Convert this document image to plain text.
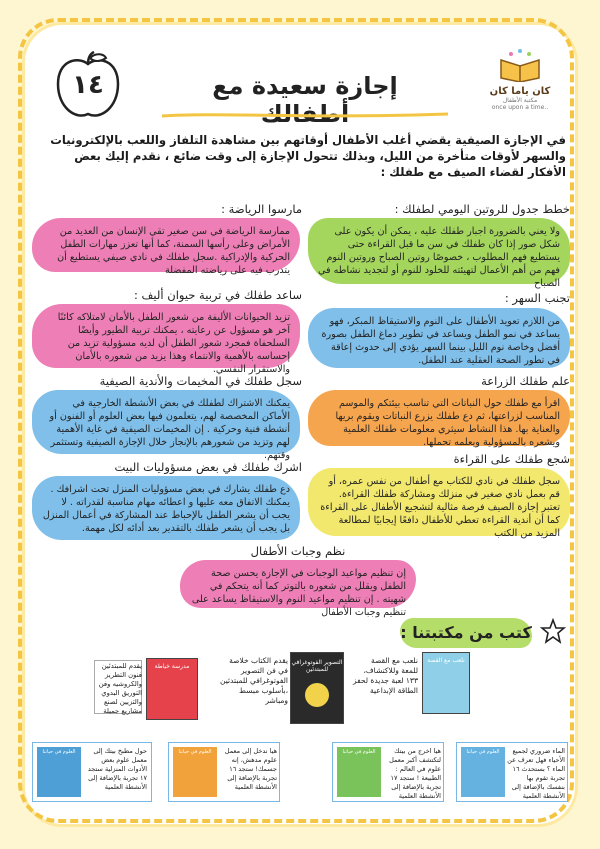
١٤	كان ياما كان
مكتبة الأطفال
once upon a time..
إجازة سعيدة مع أطفالك
في الإجازة الصيفية يقضي أغلب الأطفال أوقاتهم بين مشاهدة التلفاز واللعب بالإلكترونيات والسهر لأوقات متأخرة من الليل، وبذلك تتحول الإجازة إلى وقت ضائع ، نقدم إليك بعض الأفكار لقضاء الصيف مع طفلك :
خطط جدول للروتين اليومي لطفلك :
ولا يعني بالضرورة اجبار طفلك عليه ، يمكن أن يكون على شكل صور إذا كان طفلك في سن ما قبل القراءة حتى يستطيع فهم المطلوب ، خصوصًا روتين الصباح وروتين النوم فهم من أهم الأعمال لتهيئته للخلود للنوم أو لتجديد نشاطه في الصباح
تجنب السهر :
من اللازم تعويد الأطفال على النوم والاستيقاظ المبكر، فهو يساعد في نمو الطفل ويساعد في تطوير دماغ الطفل بصورة أفضل وخاصة نوم الليل بينما السهر يؤدي إلى حدوث إعاقة في تطور الصحة العقلية عند الطفل.
علم طفلك الزراعة
اقرأ مع طفلك حول النباتات التي تناسب بيئتكم والموسم المناسب لزراعتها، ثم دع طفلك يزرع النباتات ويقوم بريها والعناية بها. هذا النشاط سيثري معلومات طفلك العلمية ويشعره بالمسؤولية ويعلمه تحملها.
شجع طفلك على القراءة
سجل طفلك في نادي للكتاب مع أطفال من نفس عمره، أو قم بعمل نادي صغير في منزلك ومشاركة طفلك القراءة. تعتبر إجازة الصيف فرصة مثالية لتشجيع الأطفال على القراءة كما أن أندية القراءة تعطي للأطفال دافعًا إيجابيًا لمطالعة المزيد من الكتب
مارسوا الرياضة :
ممارسة الرياضة في سن صغير تقي الإنسان من العديد من الأمراض وعلى رأسها السمنة، كما أنها تعزز مهارات الطفل الحركية والإدراكية .سجل طفلك في نادي صيفي يستطيع أن يتدرب فيه على رياضته المفضلة
ساعد طفلك في تربية حيوان أليف :
تزيد الحيوانات الأليفة من شعور الطفل بالأمان لامتلاكه كائنًا آخر هو مسؤول عن رعايته ، يمكنك تربية الطيور وأيضًا السلحفاة فمجرد شعور الطفل أن لديه مسؤولية تزيد من إحساسه بالأهمية والانتماء وهذا يزيد من شعوره بالأمان والاستقرار النفسي.
سجل طفلك في المخيمات والأندية الصيفية
يمكنك الاشتراك لطفلك في بعض الأنشطة الخارجية في الأماكن المخصصة لهم، يتعلمون فيها بعض العلوم أو الفنون أو أنشطة فنية وحركية . إن المخيمات الصيفية في غاية الأهمية لهم وتزيد من شعورهم بالإنجاز خلال الإجازة الصيفية وتستثمر وقتهم.
اشرك طفلك في بعض مسؤوليات البيت
دع طفلك يشارك في بعض مسؤوليات المنزل تحت اشرافك . يمكنك الاتفاق معه عليها و اعطائه مهام مناسبة لقدراته . لا يجب أن يشعر الطفل بالإحباط عند المشاركة في أعمال المنزل بل يجب أن يشعر طفلك بالتقدير بعد أدائه لكل مهمة.
نظم وجبات الأطفال
إن تنظيم مواعيد الوجبات في الإجازة يحسن صحة الطفل ويقلل من شعوره بالتوتر كما أنه يتحكم في شهيته . إن تنظيم مواعيد النوم والاستيقاظ يساعد على تنظيم وجبات الأطفال
كتب من مكتبتنا :
نلعب مع القصة
نلعب مع القصة للمعة وللاكتشاف، ١٣٣ لعبة جديدة لحفز الطاقة الإبداعية
التصوير الفوتوغرافي للمبتدئين
يقدم الكتاب خلاصة في فن التصوير الفوتوغرافي للمبتدئين ،بأسلوب مبسط ومباشر
مدرسة خياطة
العلوم في حياتنا	الماء ضروري لجميع الأحياء فهل تعرف عن الماء ؟ بستحدث ١٦ تجربة تقوم بها بنفسك بالإضافة إلى الأنشطة العلمية
العلوم في حياتنا	هيا اخرج من بيتك لتكتشف أكبر معمل علوم في العالم : الطبيعة ! ستجد ١٧ تجربة بالإضافة إلى الأنشطة العلمية
العلوم في حياتنا	هيا ندخل إلى معمل علوم مدهش، إنه جسمك! ستجد ١٦ تجربة بالإضافة إلى الأنشطة العلمية
العلوم في حياتنا	حول مطبخ بيتك إلى معمل علوم بعض الأدوات المنزلية ستجد ١٧ تجربة بالإضافة إلى الأنشطة العلمية
يقدم للمبتدئين فنون التطريز والكروشيه وفن التوريق البدوي والتزيين لصنع مشاريع جميلة
